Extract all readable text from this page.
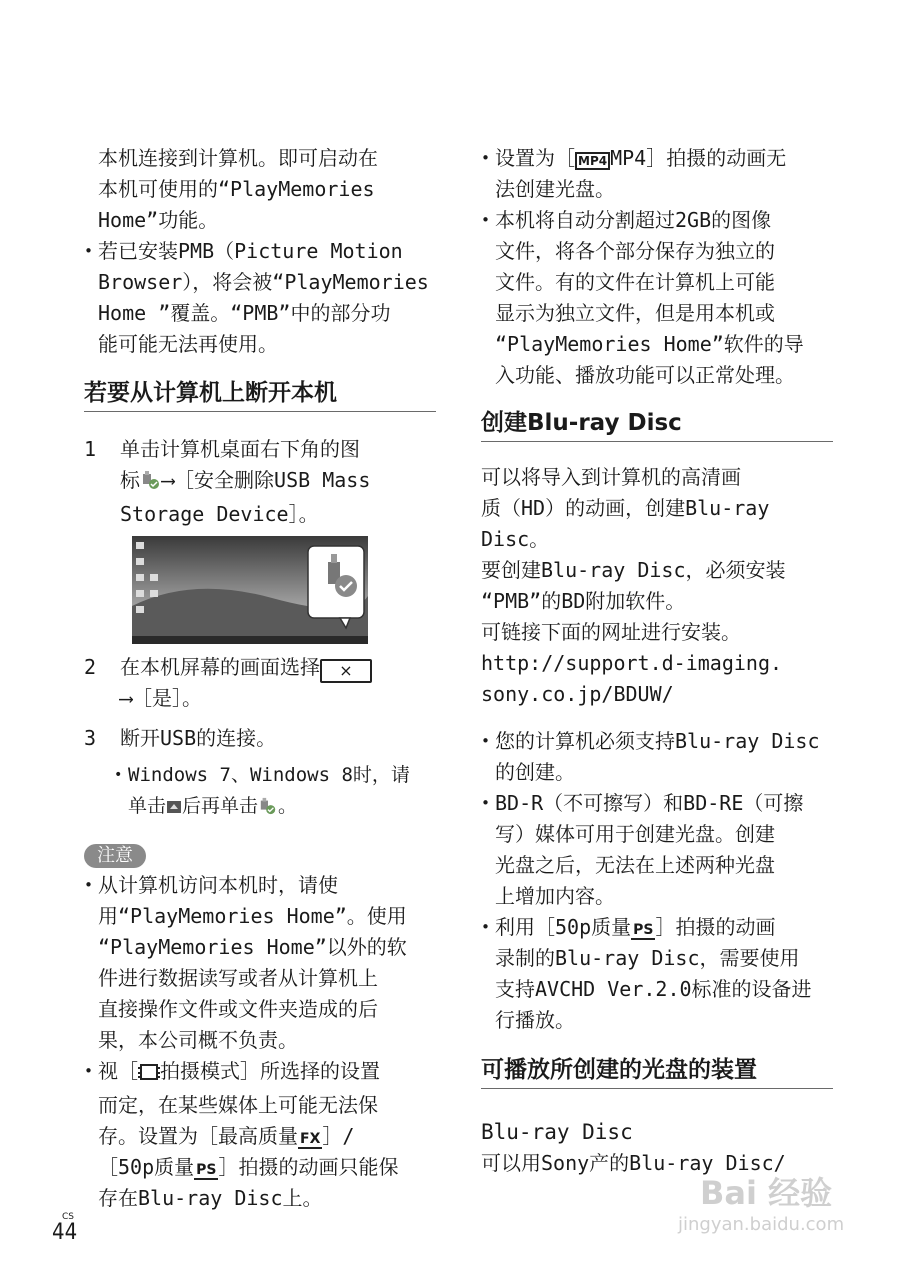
本机连接到计算机。即可启动在

本机可使用的“PlayMemories

Home”功能。

• 若已安装PMB（Picture Motion
Browser），将会被“PlayMemories
Home ”覆盖。“PMB”中的部分功
能可能无法再使用。
若要从计算机上断开本机
1 单击计算机桌面右下角的图
标 ⟶［安全删除USB Mass
Storage Device］。
2 在本机屏幕的画面选择 ×
⟶［是］。
3 断开USB的连接。
• Windows 7、Windows 8时，请
单击 后再单击 。
注意
• 从计算机访问本机时，请使
用“PlayMemories Home”。使用
“PlayMemories Home”以外的软
件进行数据读写或者从计算机上
直接操作文件或文件夹造成的后
果，本公司概不负责。
• 视［ 拍摄模式］所选择的设置
而定，在某些媒体上可能无法保
存。设置为［最高质量 FX ］/
［50p质量 PS ］拍摄的动画只能保
存在Blu-ray Disc上。
• 设置为［ MP4 MP4］拍摄的动画无
法创建光盘。
• 本机将自动分割超过2GB的图像
文件，将各个部分保存为独立的
文件。有的文件在计算机上可能
显示为独立文件，但是用本机或
“PlayMemories Home”软件的导
入功能、播放功能可以正常处理。
创建Blu-ray Disc

可以将导入到计算机的高清画

质（HD）的动画，创建Blu-ray

Disc。

要创建Blu-ray Disc，必须安装

“PMB”的BD附加软件。

可链接下面的网址进行安装。

http://support.d-imaging.

sony.co.jp/BDUW/

• 您的计算机必须支持Blu-ray Disc
的创建。
• BD-R（不可擦写）和BD-RE（可擦
写）媒体可用于创建光盘。创建
光盘之后，无法在上述两种光盘
上增加内容。
• 利用［50p质量 PS ］拍摄的动画
录制的Blu-ray Disc，需要使用
支持AVCHD Ver.2.0标准的设备进
行播放。
可播放所创建的光盘的装置

Blu-ray Disc

可以用Sony产的Blu-ray Disc/

CS
44
Bai 经验
jingyan.baidu.com
